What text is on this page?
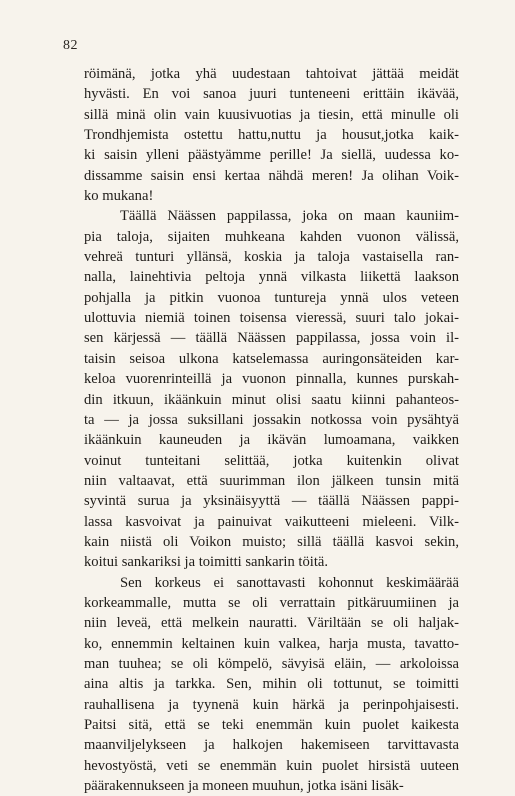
82
röimänä, jotka yhä uudestaan tahtoivat jättää meidät
hyvästi. En voi sanoa juuri tunteneeni erittäin ikävää,
sillä minä olin vain kuusivuotias ja tiesin, että minulle oli
Trondhjemista ostettu hattu,nuttu ja housut,jotka kaik-
ki saisin ylleni päästyämme perille! Ja siellä, uudessa ko-
dissamme saisin ensi kertaa nähdä meren! Ja olihan Voik-
ko mukana!
Täällä Näässen pappilassa, joka on maan kauniim-
pia taloja, sijaiten muhkeana kahden vuonon välissä,
vehreä tunturi yllänsä, koskia ja taloja vastaisella ran-
nalla, lainehtivia peltoja ynnä vilkasta liikettä laakson
pohjalla ja pitkin vuonoa tuntureja ynnä ulos veteen
ulottuvia niemiä toinen toisensa vieressä, suuri talo jokai-
sen kärjessä — täällä Näässen pappilassa, jossa voin il-
taisin seisoa ulkona katselemassa auringonsäteiden kar-
keloa vuorenrinteillä ja vuonon pinnalla, kunnes purskah-
din itkuun, ikäänkuin minut olisi saatu kiinni pahanteos-
ta — ja jossa suksillani jossakin notkossa voin pysähtyä
ikäänkuin kauneuden ja ikävän lumoamana, vaikken
voinut tunteitani selittää, jotka kuitenkin olivat
niin valtaavat, että suurimman ilon jälkeen tunsin mitä
syvintä surua ja yksinäisyyttä — täällä Näässen pappi-
lassa kasvoivat ja painuivat vaikutteeni mieleeni. Vilk-
kain niistä oli Voikon muisto; sillä täällä kasvoi sekin,
koitui sankariksi ja toimitti sankarin töitä.
Sen korkeus ei sanottavasti kohonnut keskimäärää
korkeammalle, mutta se oli verrattain pitkäruumiinen ja
niin leveä, että melkein nauratti. Väriltään se oli haljak-
ko, ennemmin keltainen kuin valkea, harja musta, tavatto-
man tuuhea; se oli kömpelö, sävyisä eläin, — arkoloissa
aina altis ja tarkka. Sen, mihin oli tottunut, se toimitti
rauhallisena ja tyynenä kuin härkä ja perinpohjaisesti.
Paitsi sitä, että se teki enemmän kuin puolet kaikesta
maanviljelykseen ja halkojen hakemiseen tarvittavasta
hevostyöstä, veti se enemmän kuin puolet hirsistä uuteen
päärakennukseen ja moneen muuhun, jotka isäni lisäk-
